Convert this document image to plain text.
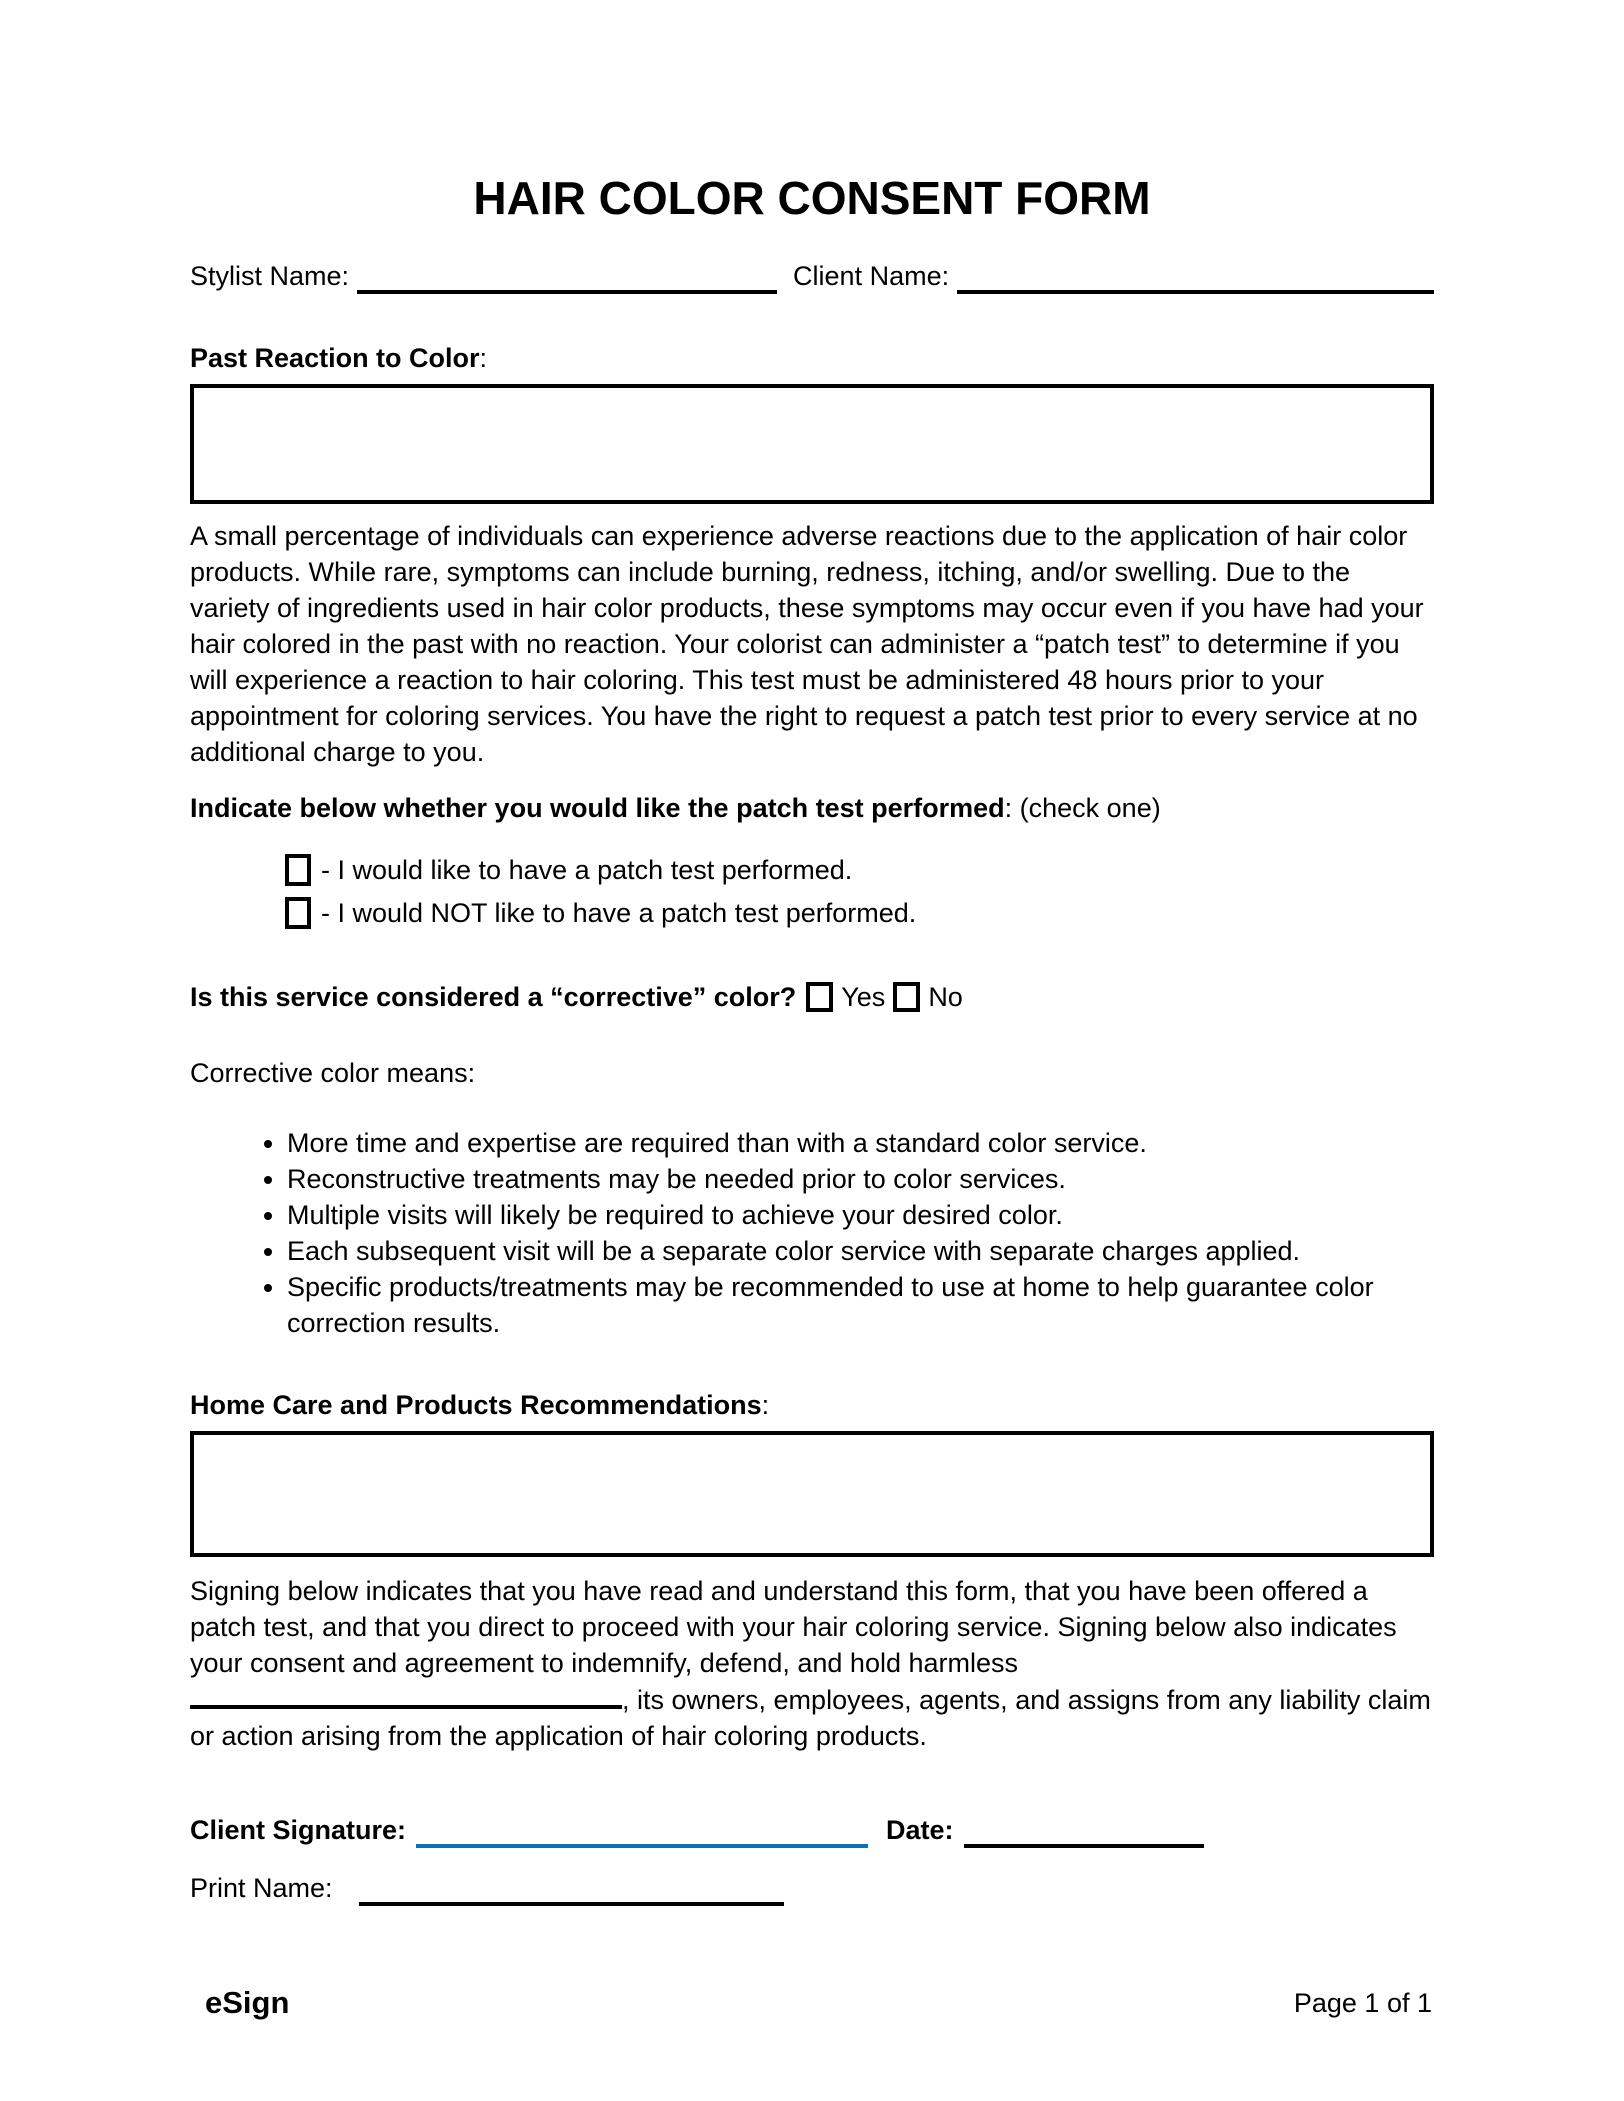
HAIR COLOR CONSENT FORM
Stylist Name:	Client Name:
Past Reaction to Color:

A small percentage of individuals can experience adverse reactions due to the application of hair color products. While rare, symptoms can include burning, redness, itching, and/or swelling. Due to the variety of ingredients used in hair color products, these symptoms may occur even if you have had your hair colored in the past with no reaction. Your colorist can administer a “patch test” to determine if you will experience a reaction to hair coloring. This test must be administered 48 hours prior to your appointment for coloring services. You have the right to request a patch test prior to every service at no additional charge to you.

Indicate below whether you would like the patch test performed: (check one)
- I would like to have a patch test performed.
- I would NOT like to have a patch test performed.
Is this service considered a “corrective” color? Yes No
Corrective color means:
• More time and expertise are required than with a standard color service.
• Reconstructive treatments may be needed prior to color services.
• Multiple visits will likely be required to achieve your desired color.
• Each subsequent visit will be a separate color service with separate charges applied.
• Specific products/treatments may be recommended to use at home to help guarantee color correction results.
Home Care and Products Recommendations:

Signing below indicates that you have read and understand this form, that you have been offered a patch test, and that you direct to proceed with your hair coloring service. Signing below also indicates your consent and agreement to indemnify, defend, and hold harmless , its owners, employees, agents, and assigns from any liability claim or action arising from the application of hair coloring products.

Client Signature:	Date:
Print Name:
eSign	Page 1 of 1
